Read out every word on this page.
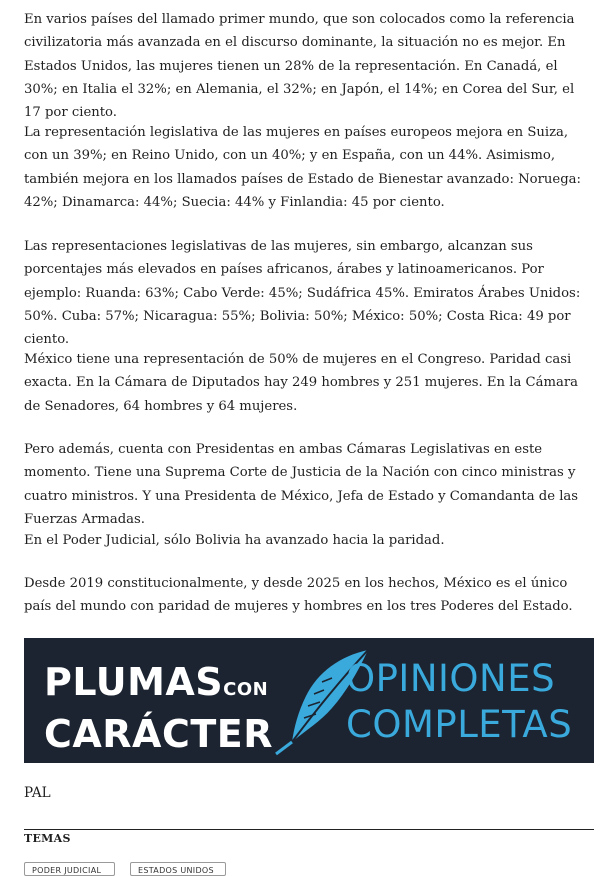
En varios países del llamado primer mundo, que son colocados como la referencia civilizatoria más avanzada en el discurso dominante, la situación no es mejor. En Estados Unidos, las mujeres tienen un 28% de la representación. En Canadá, el 30%; en Italia el 32%; en Alemania, el 32%; en Japón, el 14%; en Corea del Sur, el 17 por ciento.

La representación legislativa de las mujeres en países europeos mejora en Suiza, con un 39%; en Reino Unido, con un 40%; y en España, con un 44%. Asimismo, también mejora en los llamados países de Estado de Bienestar avanzado: Noruega: 42%; Dinamarca: 44%; Suecia: 44% y Finlandia: 45 por ciento.

Las representaciones legislativas de las mujeres, sin embargo, alcanzan sus porcentajes más elevados en países africanos, árabes y latinoamericanos. Por ejemplo: Ruanda: 63%; Cabo Verde: 45%; Sudáfrica 45%. Emiratos Árabes Unidos: 50%. Cuba: 57%; Nicaragua: 55%; Bolivia: 50%; México: 50%; Costa Rica: 49 por ciento.

México tiene una representación de 50% de mujeres en el Congreso. Paridad casi exacta. En la Cámara de Diputados hay 249 hombres y 251 mujeres. En la Cámara de Senadores, 64 hombres y 64 mujeres.

Pero además, cuenta con Presidentas en ambas Cámaras Legislativas en este momento. Tiene una Suprema Corte de Justicia de la Nación con cinco ministras y cuatro ministros. Y una Presidenta de México, Jefa de Estado y Comandanta de las Fuerzas Armadas.

En el Poder Judicial, sólo Bolivia ha avanzado hacia la paridad.

Desde 2019 constitucionalmente, y desde 2025 en los hechos, México es el único país del mundo con paridad de mujeres y hombres en los tres Poderes del Estado.

PLUMASCON
CARÁCTER
OPINIONES
COMPLETAS
PAL
TEMAS
PODER JUDICIAL	ESTADOS UNIDOS
